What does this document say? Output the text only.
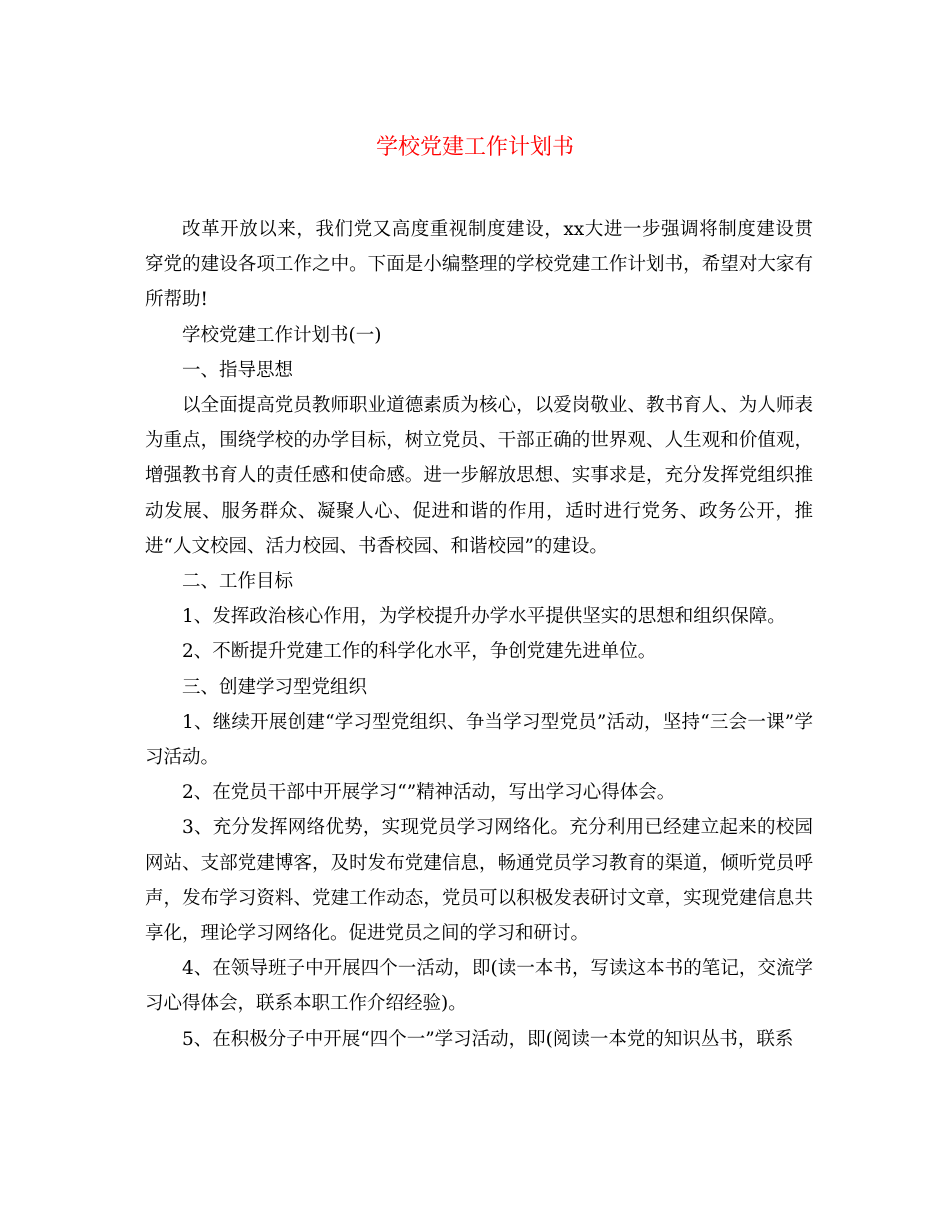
学校党建工作计划书

改革开放以来，我们党又高度重视制度建设，xx大进一步强调将制度建设贯穿党的建设各项工作之中。下面是小编整理的学校党建工作计划书，希望对大家有所帮助!

学校党建工作计划书(一)

一、指导思想

以全面提高党员教师职业道德素质为核心，以爱岗敬业、教书育人、为人师表为重点，围绕学校的办学目标，树立党员、干部正确的世界观、人生观和价值观，增强教书育人的责任感和使命感。进一步解放思想、实事求是，充分发挥党组织推动发展、服务群众、凝聚人心、促进和谐的作用，适时进行党务、政务公开，推进“人文校园、活力校园、书香校园、和谐校园”的建设。

二、工作目标

1、发挥政治核心作用，为学校提升办学水平提供坚实的思想和组织保障。

2、不断提升党建工作的科学化水平，争创党建先进单位。

三、创建学习型党组织

1、继续开展创建“学习型党组织、争当学习型党员”活动，坚持“三会一课”学习活动。

2、在党员干部中开展学习“”精神活动，写出学习心得体会。

3、充分发挥网络优势，实现党员学习网络化。充分利用已经建立起来的校园网站、支部党建博客，及时发布党建信息，畅通党员学习教育的渠道，倾听党员呼声，发布学习资料、党建工作动态，党员可以积极发表研讨文章，实现党建信息共享化，理论学习网络化。促进党员之间的学习和研讨。

4、在领导班子中开展四个一活动，即(读一本书，写读这本书的笔记，交流学习心得体会，联系本职工作介绍经验)。

5、在积极分子中开展“四个一”学习活动，即(阅读一本党的知识丛书，联系
